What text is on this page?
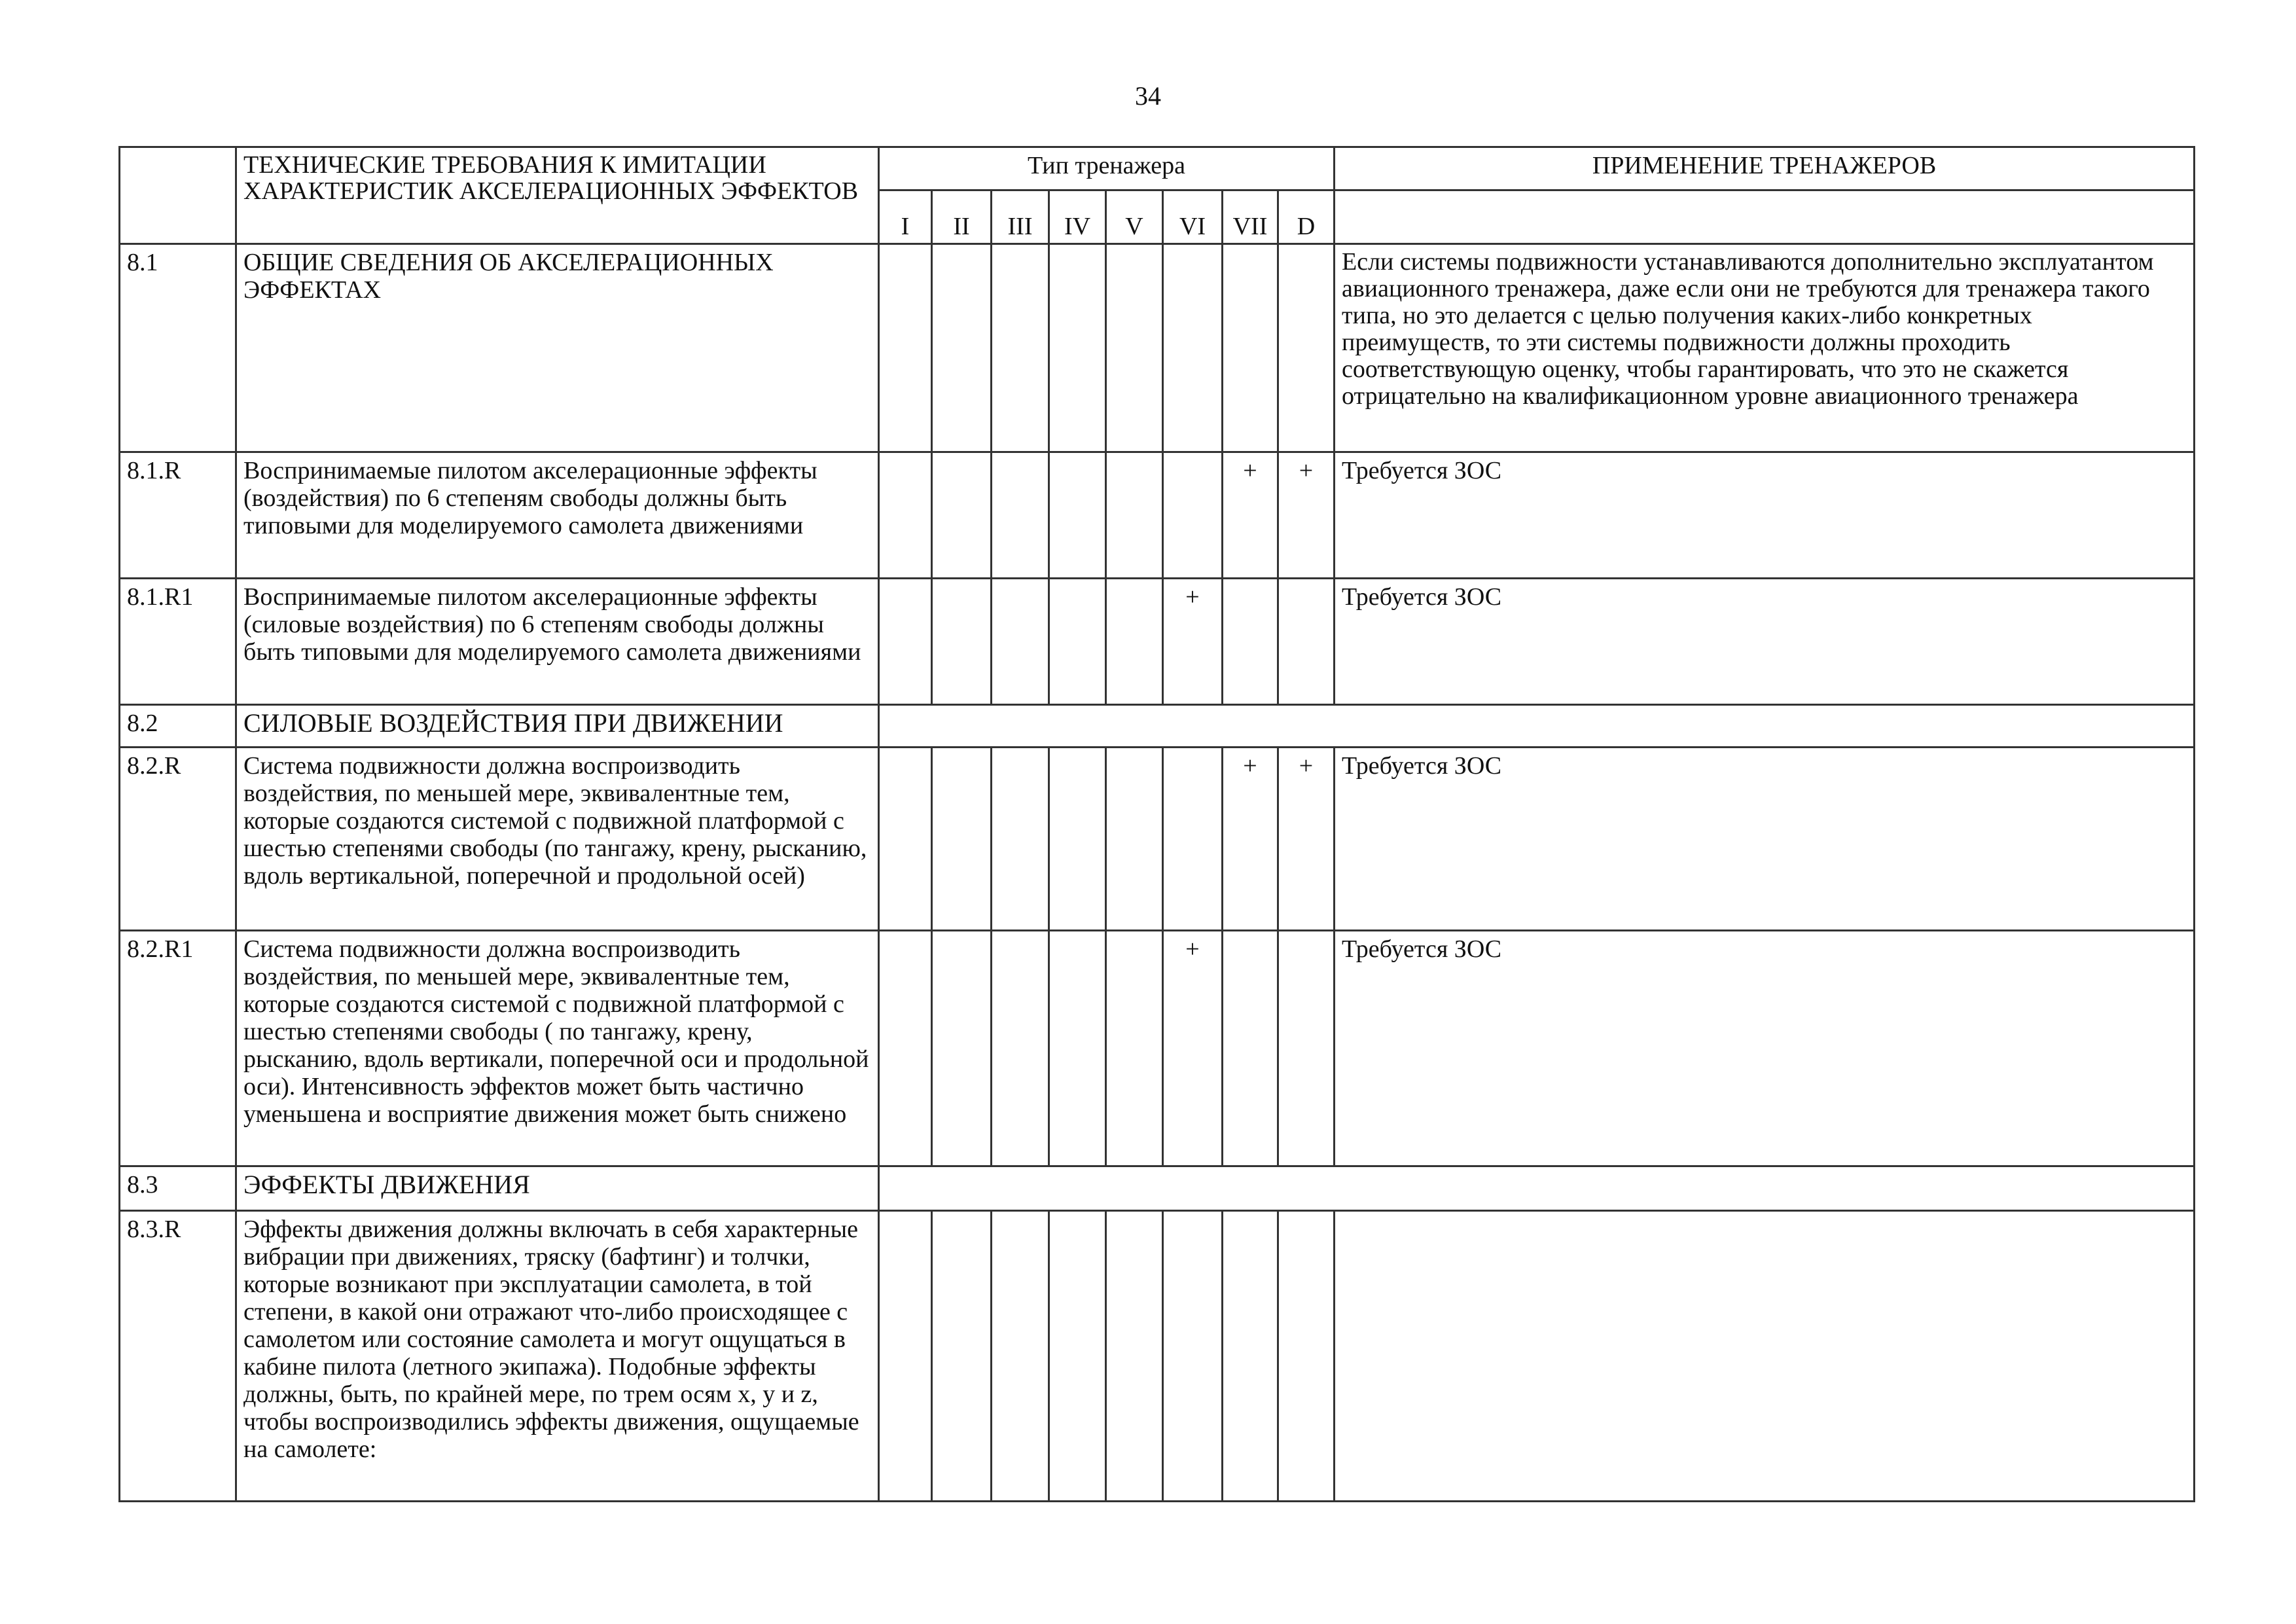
34
	ТЕХНИЧЕСКИЕ ТРЕБОВАНИЯ К ИМИТАЦИИ ХАРАКТЕРИСТИК АКСЕЛЕРАЦИОННЫХ ЭФФЕКТОВ	Тип тренажера								ПРИМЕНЕНИЕ ТРЕНАЖЕРОВ
		I	II	III	IV	V	VI	VII	D	
8.1	ОБЩИЕ СВЕДЕНИЯ ОБ АКСЕЛЕРАЦИОННЫХ ЭФФЕКТАХ									Если системы подвижности устанавливаются дополнительно эксплуатантом авиационного тренажера, даже если они не требуются для тренажера такого типа, но это делается с целью получения каких-либо конкретных преимуществ, то эти системы подвижности должны проходить соответствующую оценку, чтобы гарантировать, что это не скажется отрицательно на квалификационном уровне авиационного тренажера
8.1.R	Воспринимаемые пилотом акселерационные эффекты (воздействия) по 6 степеням свободы должны быть типовыми для моделируемого самолета движениями							+	+	Требуется ЗОС
8.1.R1	Воспринимаемые пилотом акселерационные эффекты (силовые воздействия) по 6 степеням свободы должны быть типовыми для моделируемого самолета движениями						+			Требуется ЗОС
8.2	СИЛОВЫЕ ВОЗДЕЙСТВИЯ ПРИ ДВИЖЕНИИ									
8.2.R	Система подвижности должна воспроизводить воздействия, по меньшей мере, эквивалентные тем, которые создаются системой с подвижной платформой с шестью степенями свободы (по тангажу, крену, рысканию, вдоль вертикальной, поперечной и продольной осей)							+	+	Требуется ЗОС
8.2.R1	Система подвижности должна воспроизводить воздействия, по меньшей мере, эквивалентные тем, которые создаются системой с подвижной платформой с шестью степенями свободы ( по тангажу, крену, рысканию, вдоль вертикали, поперечной оси и продольной оси). Интенсивность эффектов может быть частично уменьшена и восприятие движения может быть снижено						+			Требуется ЗОС
8.3	ЭФФЕКТЫ ДВИЖЕНИЯ									
8.3.R	Эффекты движения должны включать в себя характерные вибрации при движениях, тряску (бафтинг) и толчки, которые возникают при эксплуатации самолета, в той степени, в какой они отражают что-либо происходящее с самолетом или состояние самолета и могут ощущаться в кабине пилота (летного экипажа). Подобные эффекты должны, быть, по крайней мере, по трем осям x, y и z, чтобы воспроизводились эффекты движения, ощущаемые на самолете:									
